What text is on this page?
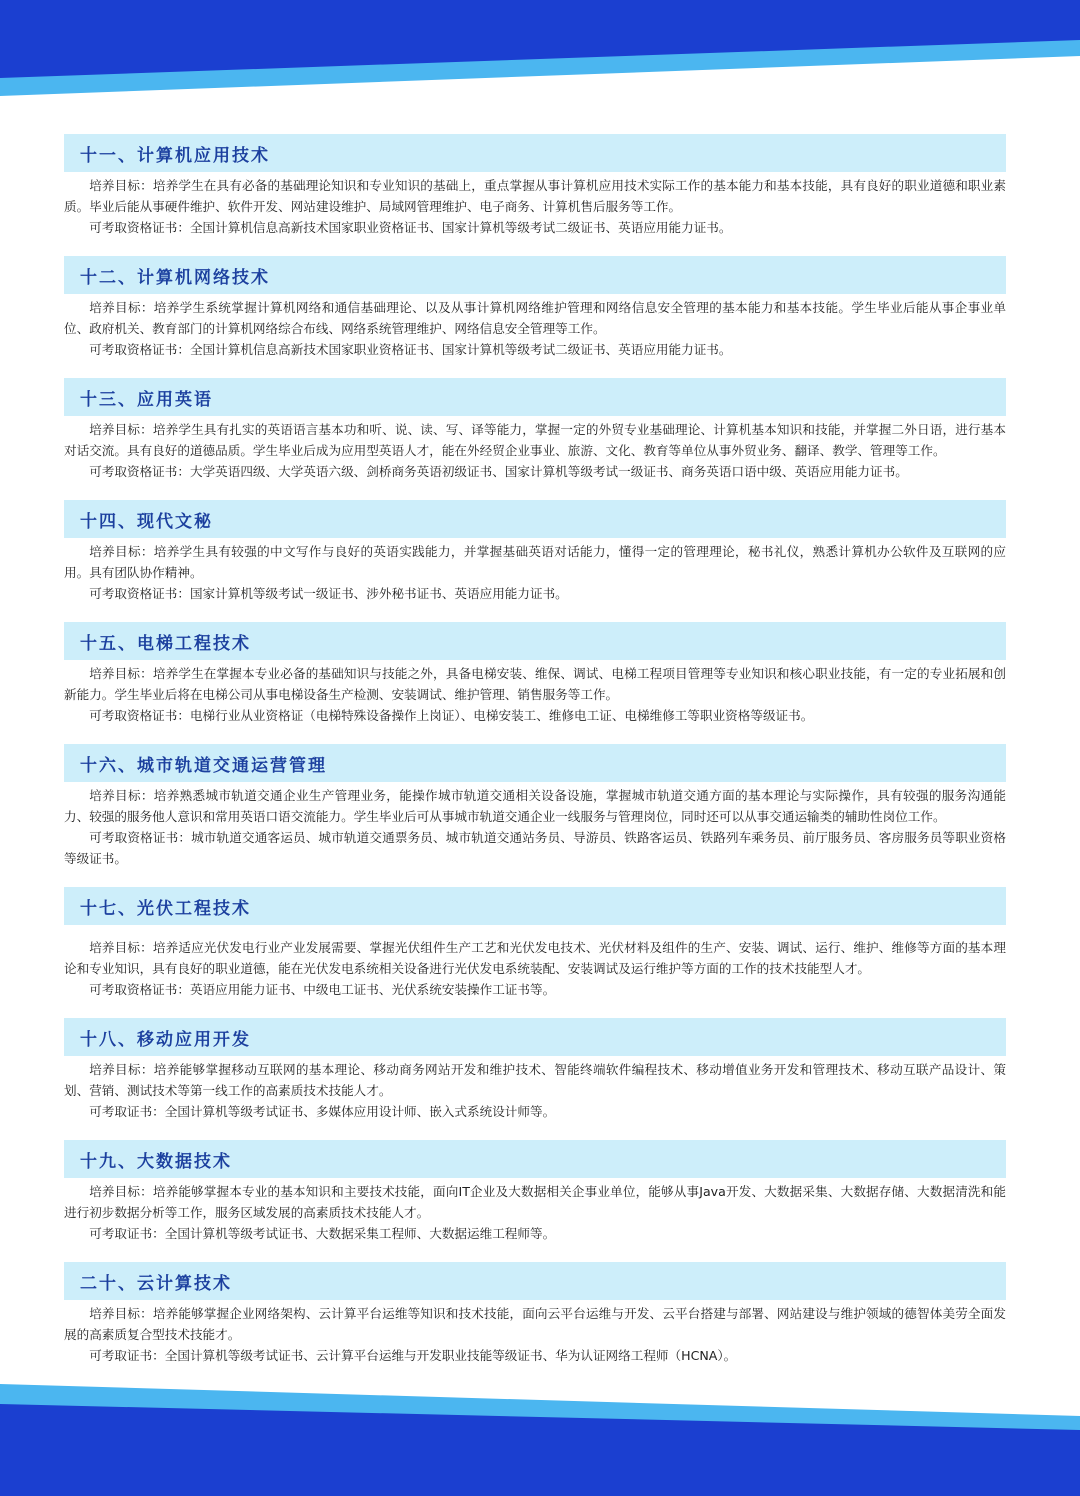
十一、计算机应用技术

培养目标：培养学生在具有必备的基础理论知识和专业知识的基础上，重点掌握从事计算机应用技术实际工作的基本能力和基本技能，具有良好的职业道德和职业素质。毕业后能从事硬件维护、软件开发、网站建设维护、局域网管理维护、电子商务、计算机售后服务等工作。

可考取资格证书：全国计算机信息高新技术国家职业资格证书、国家计算机等级考试二级证书、英语应用能力证书。

十二、计算机网络技术

培养目标：培养学生系统掌握计算机网络和通信基础理论、以及从事计算机网络维护管理和网络信息安全管理的基本能力和基本技能。学生毕业后能从事企事业单位、政府机关、教育部门的计算机网络综合布线、网络系统管理维护、网络信息安全管理等工作。

可考取资格证书：全国计算机信息高新技术国家职业资格证书、国家计算机等级考试二级证书、英语应用能力证书。

十三、应用英语

培养目标：培养学生具有扎实的英语语言基本功和听、说、读、写、译等能力，掌握一定的外贸专业基础理论、计算机基本知识和技能，并掌握二外日语，进行基本对话交流。具有良好的道德品质。学生毕业后成为应用型英语人才，能在外经贸企业事业、旅游、文化、教育等单位从事外贸业务、翻译、教学、管理等工作。

可考取资格证书：大学英语四级、大学英语六级、剑桥商务英语初级证书、国家计算机等级考试一级证书、商务英语口语中级、英语应用能力证书。

十四、现代文秘

培养目标：培养学生具有较强的中文写作与良好的英语实践能力，并掌握基础英语对话能力，懂得一定的管理理论，秘书礼仪，熟悉计算机办公软件及互联网的应用。具有团队协作精神。

可考取资格证书：国家计算机等级考试一级证书、涉外秘书证书、英语应用能力证书。

十五、电梯工程技术

培养目标：培养学生在掌握本专业必备的基础知识与技能之外，具备电梯安装、维保、调试、电梯工程项目管理等专业知识和核心职业技能，有一定的专业拓展和创新能力。学生毕业后将在电梯公司从事电梯设备生产检测、安装调试、维护管理、销售服务等工作。

可考取资格证书：电梯行业从业资格证（电梯特殊设备操作上岗证）、电梯安装工、维修电工证、电梯维修工等职业资格等级证书。

十六、城市轨道交通运营管理

培养目标：培养熟悉城市轨道交通企业生产管理业务，能操作城市轨道交通相关设备设施，掌握城市轨道交通方面的基本理论与实际操作，具有较强的服务沟通能力、较强的服务他人意识和常用英语口语交流能力。学生毕业后可从事城市轨道交通企业一线服务与管理岗位，同时还可以从事交通运输类的辅助性岗位工作。

可考取资格证书：城市轨道交通客运员、城市轨道交通票务员、城市轨道交通站务员、导游员、铁路客运员、铁路列车乘务员、前厅服务员、客房服务员等职业资格等级证书。

十七、光伏工程技术

培养目标：培养适应光伏发电行业产业发展需要、掌握光伏组件生产工艺和光伏发电技术、光伏材料及组件的生产、安装、调试、运行、维护、维修等方面的基本理论和专业知识，具有良好的职业道德，能在光伏发电系统相关设备进行光伏发电系统装配、安装调试及运行维护等方面的工作的技术技能型人才。

可考取资格证书：英语应用能力证书、中级电工证书、光伏系统安装操作工证书等。

十八、移动应用开发

培养目标：培养能够掌握移动互联网的基本理论、移动商务网站开发和维护技术、智能终端软件编程技术、移动增值业务开发和管理技术、移动互联产品设计、策划、营销、测试技术等第一线工作的高素质技术技能人才。

可考取证书：全国计算机等级考试证书、多媒体应用设计师、嵌入式系统设计师等。

十九、大数据技术

培养目标：培养能够掌握本专业的基本知识和主要技术技能，面向IT企业及大数据相关企事业单位，能够从事Java开发、大数据采集、大数据存储、大数据清洗和能进行初步数据分析等工作，服务区域发展的高素质技术技能人才。

可考取证书：全国计算机等级考试证书、大数据采集工程师、大数据运维工程师等。

二十、云计算技术

培养目标：培养能够掌握企业网络架构、云计算平台运维等知识和技术技能，面向云平台运维与开发、云平台搭建与部署、网站建设与维护领域的德智体美劳全面发展的高素质复合型技术技能才。

可考取证书：全国计算机等级考试证书、云计算平台运维与开发职业技能等级证书、华为认证网络工程师（HCNA）。
